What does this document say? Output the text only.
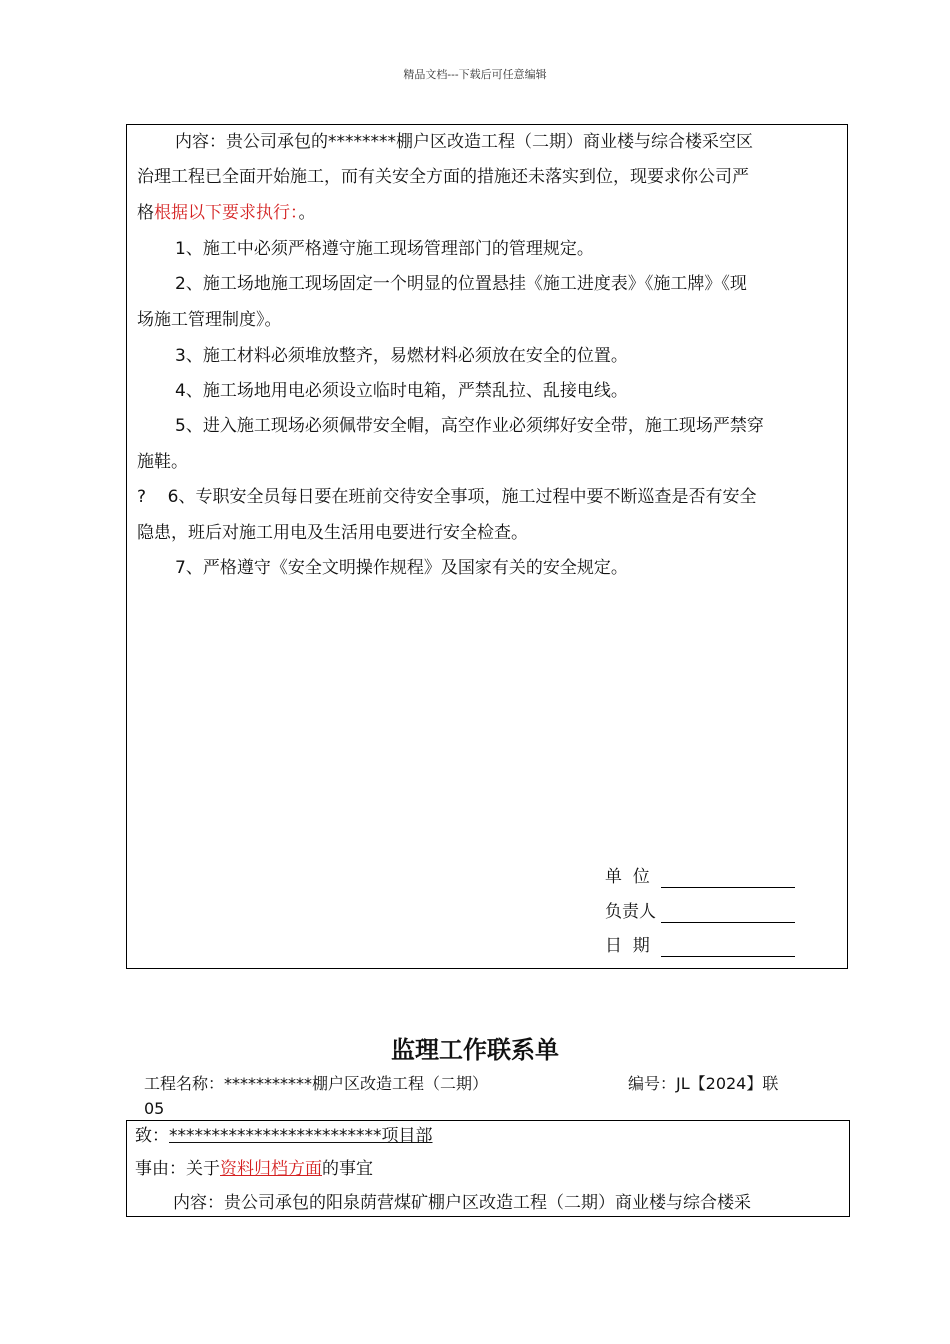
精品文档---下载后可任意编辑
内容：贵公司承包的********棚户区改造工程（二期）商业楼与综合楼采空区
治理工程已全面开始施工，而有关安全方面的措施还未落实到位，现要求你公司严
格根据以下要求执行：。
1、施工中必须严格遵守施工现场管理部门的管理规定。
2、施工场地施工现场固定一个明显的位置悬挂《施工进度表》《施工牌》《现
场施工管理制度》。
3、施工材料必须堆放整齐，易燃材料必须放在安全的位置。
4、施工场地用电必须设立临时电箱，严禁乱拉、乱接电线。
5、进入施工现场必须佩带安全帽，高空作业必须绑好安全带，施工现场严禁穿
施鞋。
?    6、专职安全员每日要在班前交待安全事项，施工过程中要不断巡查是否有安全
隐患，班后对施工用电及生活用电要进行安全检查。
7、严格遵守《安全文明操作规程》及国家有关的安全规定。
单  位
负责人
日  期
监理工作联系单
工程名称：***********棚户区改造工程（二期）	编号：JL【2024】联
05
致：*************************项目部
事由：关于资料归档方面的事宜
内容：贵公司承包的阳泉荫营煤矿棚户区改造工程（二期）商业楼与综合楼采
